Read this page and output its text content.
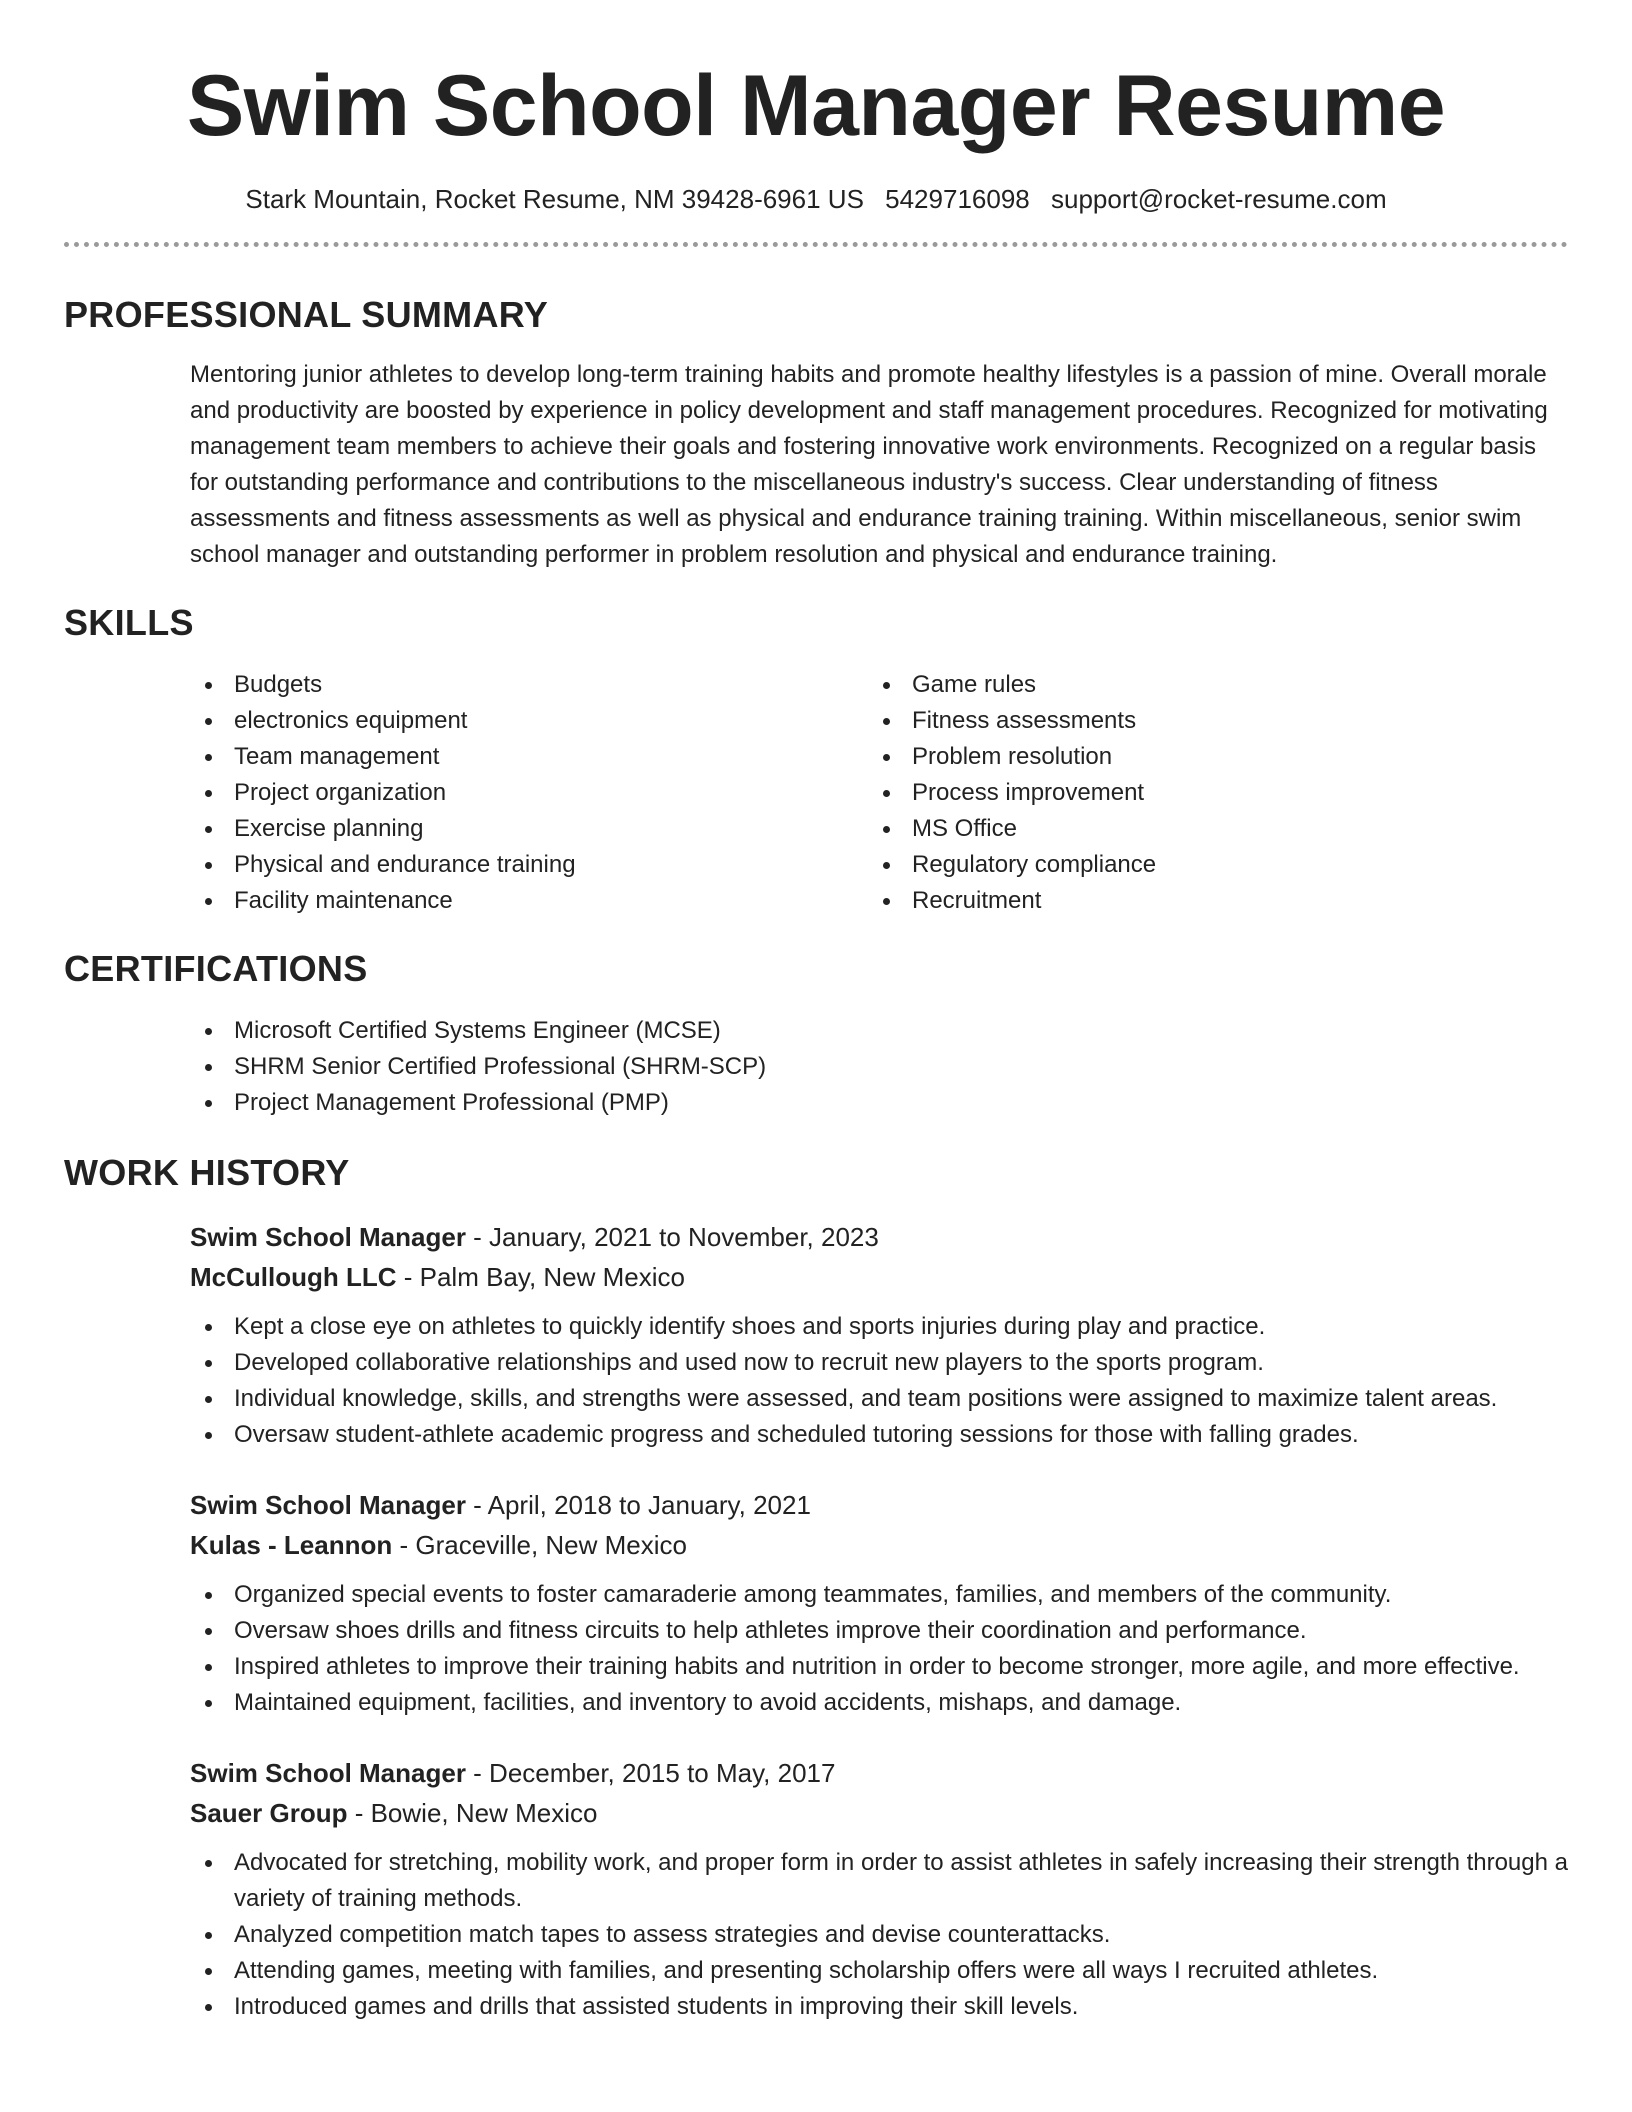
Swim School Manager Resume
Stark Mountain, Rocket Resume, NM 39428-6961 US 5429716098 support@rocket-resume.com
PROFESSIONAL SUMMARY

Mentoring junior athletes to develop long-term training habits and promote healthy lifestyles is a passion of mine. Overall morale and productivity are boosted by experience in policy development and staff management procedures. Recognized for motivating management team members to achieve their goals and fostering innovative work environments. Recognized on a regular basis for outstanding performance and contributions to the miscellaneous industry's success. Clear understanding of fitness assessments and fitness assessments as well as physical and endurance training training. Within miscellaneous, senior swim school manager and outstanding performer in problem resolution and physical and endurance training.

SKILLS
Budgets
electronics equipment
Team management
Project organization
Exercise planning
Physical and endurance training
Facility maintenance
Game rules
Fitness assessments
Problem resolution
Process improvement
MS Office
Regulatory compliance
Recruitment
CERTIFICATIONS
Microsoft Certified Systems Engineer (MCSE)
SHRM Senior Certified Professional (SHRM-SCP)
Project Management Professional (PMP)
WORK HISTORY
Swim School Manager - January, 2021 to November, 2023
McCullough LLC - Palm Bay, New Mexico
Kept a close eye on athletes to quickly identify shoes and sports injuries during play and practice.
Developed collaborative relationships and used now to recruit new players to the sports program.
Individual knowledge, skills, and strengths were assessed, and team positions were assigned to maximize talent areas.
Oversaw student-athlete academic progress and scheduled tutoring sessions for those with falling grades.
Swim School Manager - April, 2018 to January, 2021
Kulas - Leannon - Graceville, New Mexico
Organized special events to foster camaraderie among teammates, families, and members of the community.
Oversaw shoes drills and fitness circuits to help athletes improve their coordination and performance.
Inspired athletes to improve their training habits and nutrition in order to become stronger, more agile, and more effective.
Maintained equipment, facilities, and inventory to avoid accidents, mishaps, and damage.
Swim School Manager - December, 2015 to May, 2017
Sauer Group - Bowie, New Mexico
Advocated for stretching, mobility work, and proper form in order to assist athletes in safely increasing their strength through a variety of training methods.
Analyzed competition match tapes to assess strategies and devise counterattacks.
Attending games, meeting with families, and presenting scholarship offers were all ways I recruited athletes.
Introduced games and drills that assisted students in improving their skill levels.
